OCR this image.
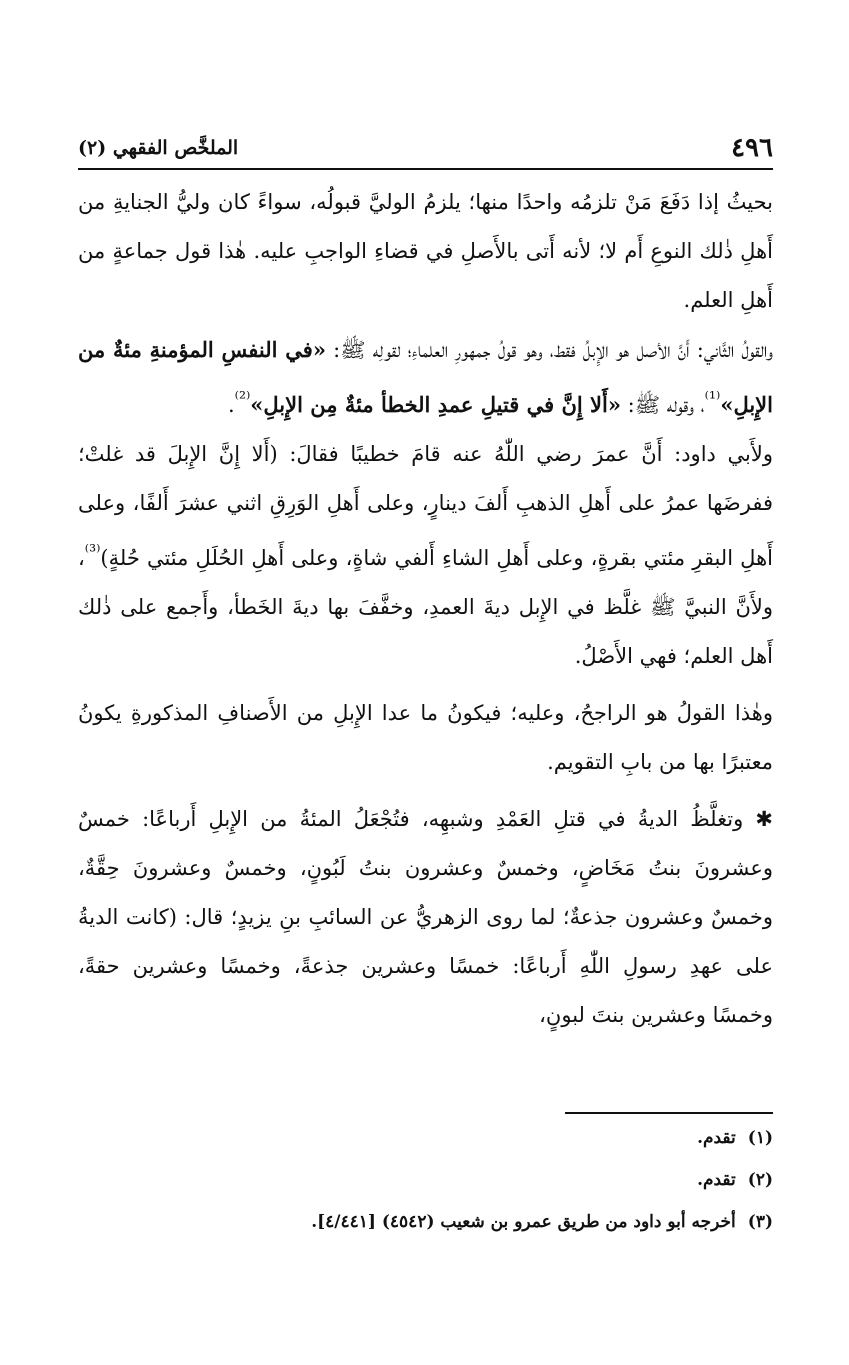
٤٩٦
الملخَّص الفقهي (٢)

بحيثُ إذا دَفَعَ مَنْ تلزمُه واحدًا منها؛ يلزمُ الوليَّ قبولُه، سواءً كان وليُّ الجنايةِ من أَهلِ ذٰلك النوعِ أَم لا؛ لأنه أَتى بالأَصلِ في قضاءِ الواجبِ عليه. هٰذا قول جماعةٍ من أَهلِ العلم.

والقولُ الثَّاني: أَنَّ الأصل هو الإِبلُ فقط، وهو قولُ جمهورِ العلماءِ؛ لقولِه ﷺ: «في النفسِ المؤمنةِ مئةٌ من الإِبلِ»$^{^{(1)}}$، وقوله ﷺ: «أَلا إِنَّ في قتيلِ عمدِ الخطأ مئةٌ مِن الإِبلِ»$^{^{(2)}}$.

ولأَبي داود: أَنَّ عمرَ رضي اللّٰهُ عنه قامَ خطيبًا فقالَ: (أَلا إِنَّ الإِبلَ قد غلتْ؛ ففرضَها عمرُ على أَهلِ الذهبِ أَلفَ دينارٍ، وعلى أَهلِ الوَرِقِ اثني عشرَ أَلفًا، وعلى أَهلِ البقرِ مئتي بقرةٍ، وعلى أَهلِ الشاءِ أَلفي شاةٍ، وعلى أَهلِ الحُلَلِ مئتي حُلةٍ)$^{^{(3)}}$، ولأَنَّ النبيَّ ﷺ غلَّظ في الإِبل ديةَ العمدِ، وخفَّفَ بها ديةَ الخَطأ، وأَجمع على ذٰلك أَهل العلم؛ فهي الأَصْلُ.

وهٰذا القولُ هو الراجحُ، وعليه؛ فيكونُ ما عدا الإِبلِ من الأَصنافِ المذكورةِ يكونُ معتبرًا بها من بابِ التقويم.

✱ وتغلَّظُ الديةُ في قتلِ العَمْدِ وشبهِه، فتُجْعَلُ المئةُ من الإِبلِ أَرباعًا: خمسٌ وعشرونَ بنتُ مَخَاضٍ، وخمسٌ وعشرون بنتُ لَبُونٍ، وخمسٌ وعشرونَ حِقَّةٌ، وخمسٌ وعشرون جذعةٌ؛ لما روى الزهريُّ عن السائبِ بنِ يزيدٍ؛ قال: (كانت الديةُ على عهدِ رسولِ اللّٰهِ أَرباعًا: خمسًا وعشرين جذعةً، وخمسًا وعشرين حقةً، وخمسًا وعشرين بنتَ لبونٍ،

(١)
تقدم.
(٢)
تقدم.
(٣)
أخرجه أبو داود من طريق عمرو بن شعيب (٤٥٤٢) [٤/٤٤١].
